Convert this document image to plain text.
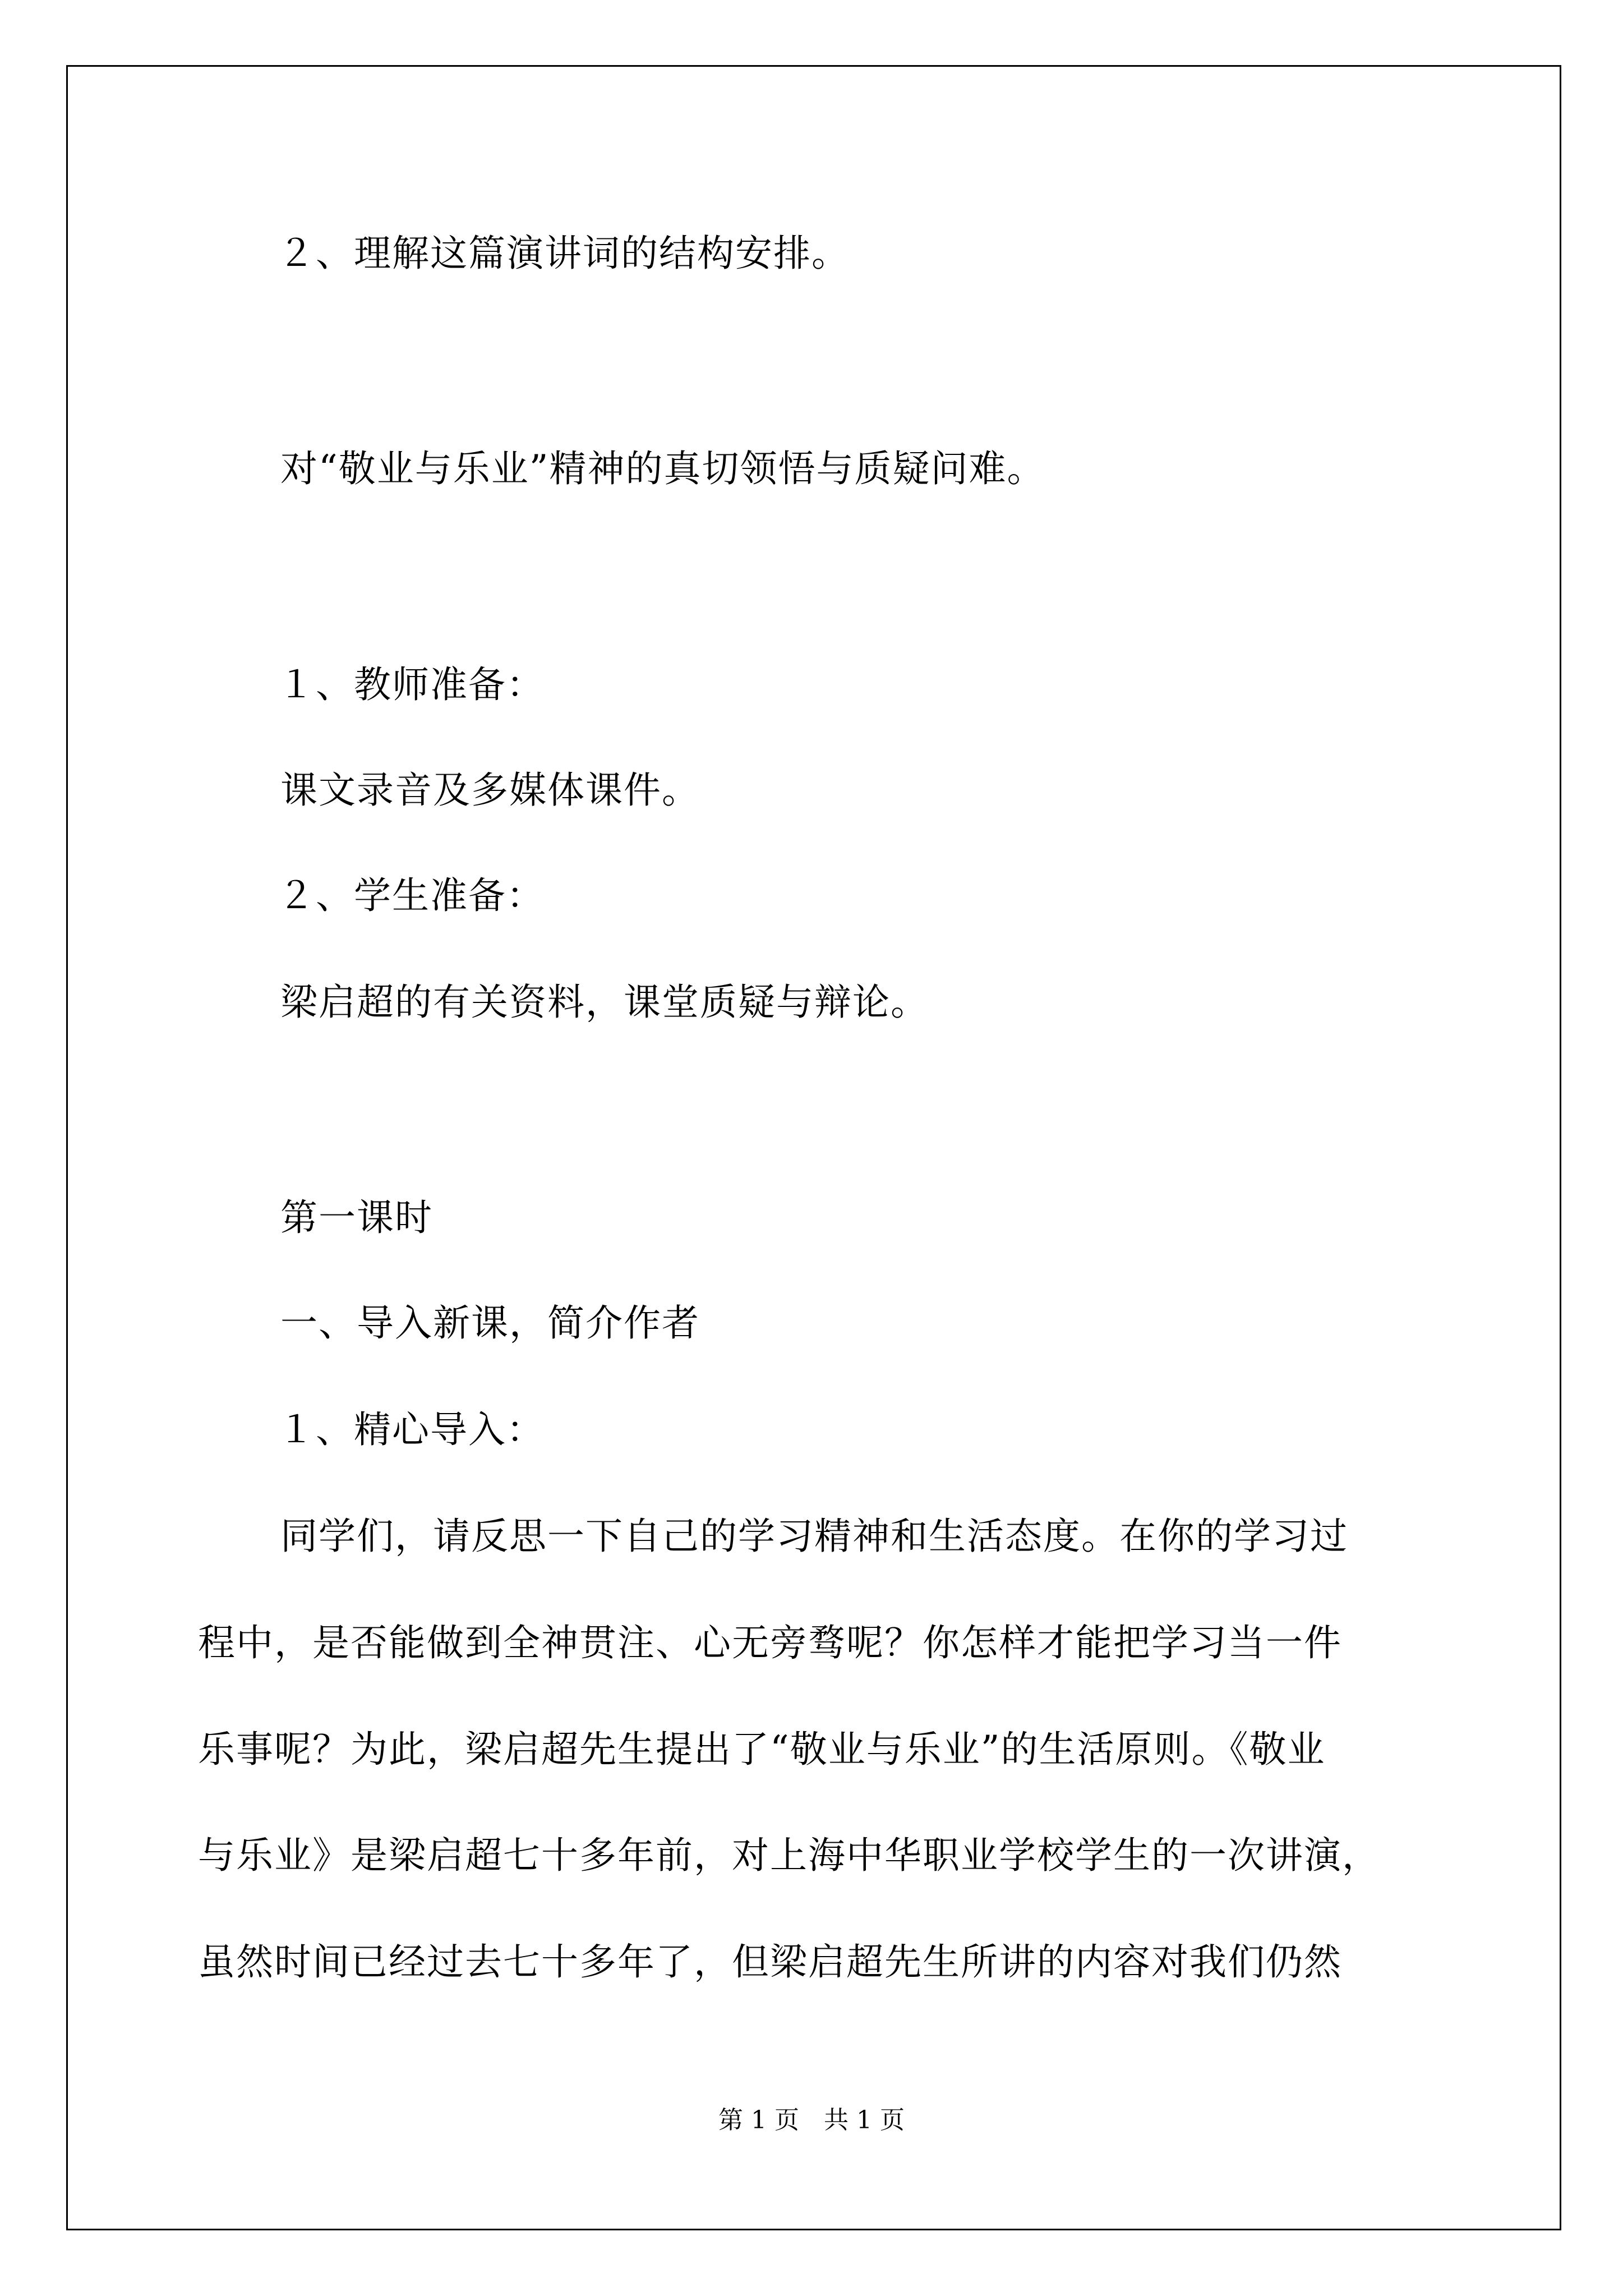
２、理解这篇演讲词的结构安排。
对“敬业与乐业”精神的真切领悟与质疑问难。
１、教师准备：
课文录音及多媒体课件。
２、学生准备：
梁启超的有关资料，课堂质疑与辩论。
第一课时
一、导入新课，简介作者
１、精心导入：
同学们，请反思一下自己的学习精神和生活态度。在你的学习过
程中，是否能做到全神贯注、心无旁骛呢？你怎样才能把学习当一件
乐事呢？为此，梁启超先生提出了“敬业与乐业”的生活原则。《敬业
与乐业》是梁启超七十多年前，对上海中华职业学校学生的一次讲演，
虽然时间已经过去七十多年了，但梁启超先生所讲的内容对我们仍然
第 1 页　共 1 页
